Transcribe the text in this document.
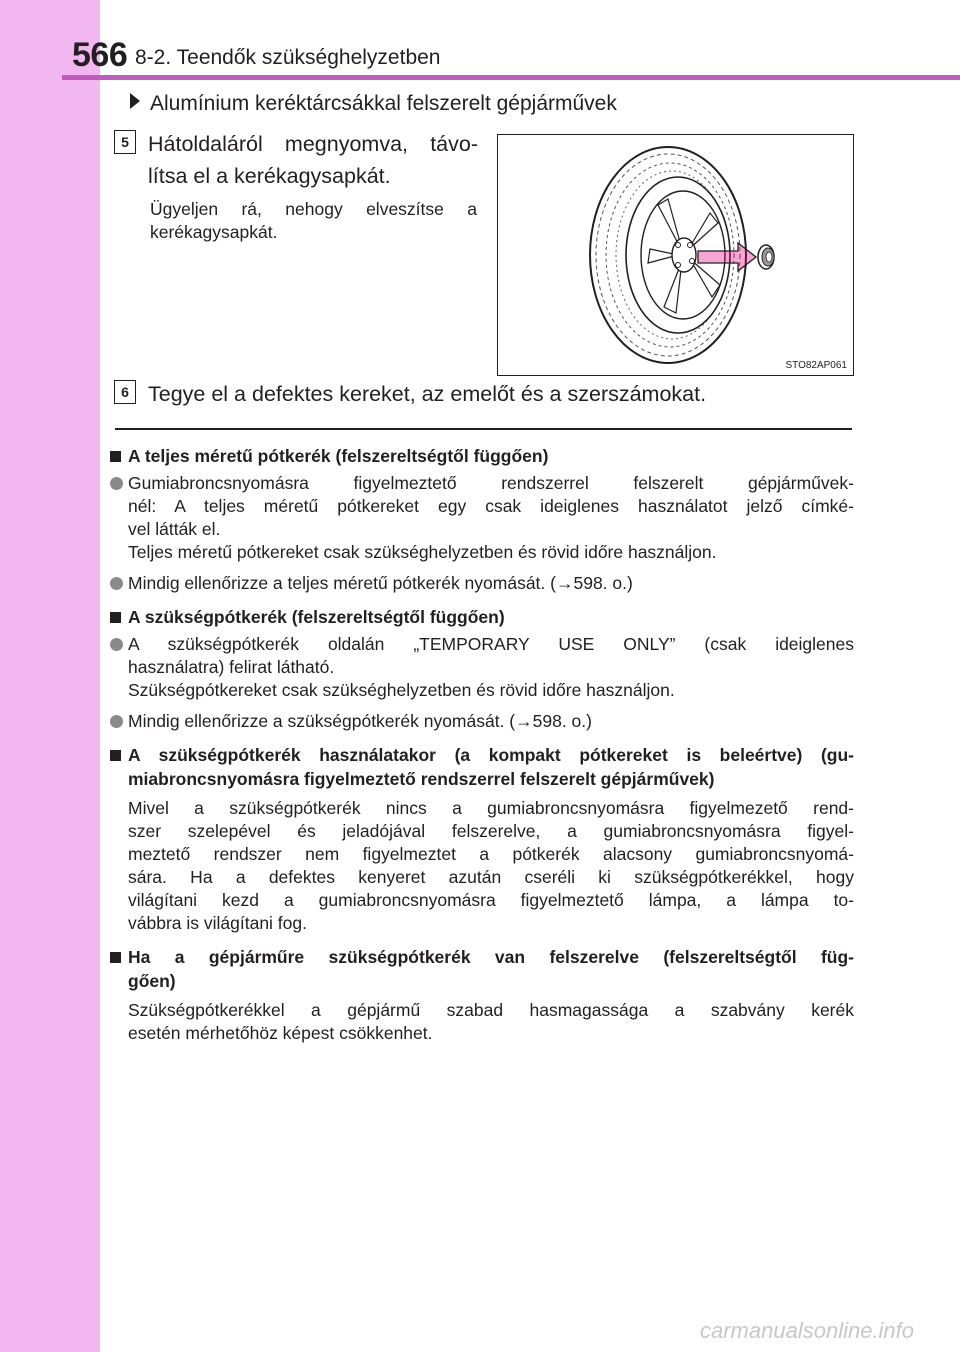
566 8-2. Teendők szükséghelyzetben
Alumínium keréktárcsákkal felszerelt gépjárművek
5 Hátoldaláról megnyomva, távo-
lítsa el a kerékagysapkát.
Ügyeljen rá, nehogy elveszítse a
kerékagysapkát.
STO82AP061
6 Tegye el a defektes kereket, az emelőt és a szerszámokat.
A teljes méretű pótkerék (felszereltségtől függően)
Gumiabroncsnyomásra figyelmeztető rendszerrel felszerelt gépjárművek-
nél: A teljes méretű pótkereket egy csak ideiglenes használatot jelző címké-
vel látták el.
Teljes méretű pótkereket csak szükséghelyzetben és rövid időre használjon.
Mindig ellenőrizze a teljes méretű pótkerék nyomását. (→598. o.)
A szükségpótkerék (felszereltségtől függően)
A szükségpótkerék oldalán „TEMPORARY USE ONLY” (csak ideiglenes
használatra) felirat látható.
Szükségpótkereket csak szükséghelyzetben és rövid időre használjon.
Mindig ellenőrizze a szükségpótkerék nyomását. (→598. o.)
A szükségpótkerék használatakor (a kompakt pótkereket is beleértve) (gu-
miabroncsnyomásra figyelmeztető rendszerrel felszerelt gépjárművek)
Mivel a szükségpótkerék nincs a gumiabroncsnyomásra figyelmezető rend-
szer szelepével és jeladójával felszerelve, a gumiabroncsnyomásra figyel-
meztető rendszer nem figyelmeztet a pótkerék alacsony gumiabroncsnyomá-
sára. Ha a defektes kenyeret azután cseréli ki szükségpótkerékkel, hogy
világítani kezd a gumiabroncsnyomásra figyelmeztető lámpa, a lámpa to-
vábbra is világítani fog.
Ha a gépjárműre szükségpótkerék van felszerelve (felszereltségtől füg-
gően)
Szükségpótkerékkel a gépjármű szabad hasmagassága a szabvány kerék
esetén mérhetőhöz képest csökkenhet.
carmanualsonline.info
